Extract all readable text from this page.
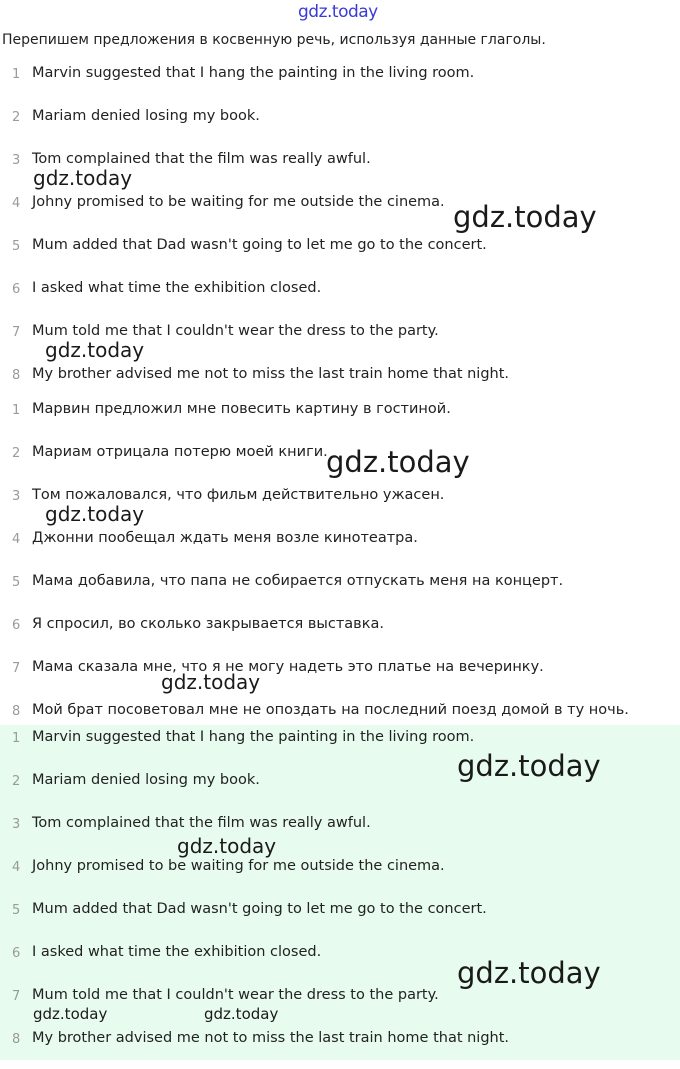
gdz.today
Перепишем предложения в косвенную речь, используя данные глаголы.
1 Marvin suggested that I hang the painting in the living room.
2 Mariam denied losing my book.
3 Tom complained that the film was really awful.
4 Johny promised to be waiting for me outside the cinema.
5 Mum added that Dad wasn't going to let me go to the concert.
6 I asked what time the exhibition closed.
7 Mum told me that I couldn't wear the dress to the party.
8 My brother advised me not to miss the last train home that night.
1 Марвин предложил мне повесить картину в гостиной.
2 Мариам отрицала потерю моей книги.
3 Том пожаловался, что фильм действительно ужасен.
4 Джонни пообещал ждать меня возле кинотеатра.
5 Мама добавила, что папа не собирается отпускать меня на концерт.
6 Я спросил, во сколько закрывается выставка.
7 Мама сказала мне, что я не могу надеть это платье на вечеринку.
8 Мой брат посоветовал мне не опоздать на последний поезд домой в ту ночь.
1 Marvin suggested that I hang the painting in the living room.
2 Mariam denied losing my book.
3 Tom complained that the film was really awful.
4 Johny promised to be waiting for me outside the cinema.
5 Mum added that Dad wasn't going to let me go to the concert.
6 I asked what time the exhibition closed.
7 Mum told me that I couldn't wear the dress to the party.
8 My brother advised me not to miss the last train home that night.
gdz.today
gdz.today
gdz.today
gdz.today
gdz.today
gdz.today
gdz.today
gdz.today
gdz.today
gdz.today	gdz.today
